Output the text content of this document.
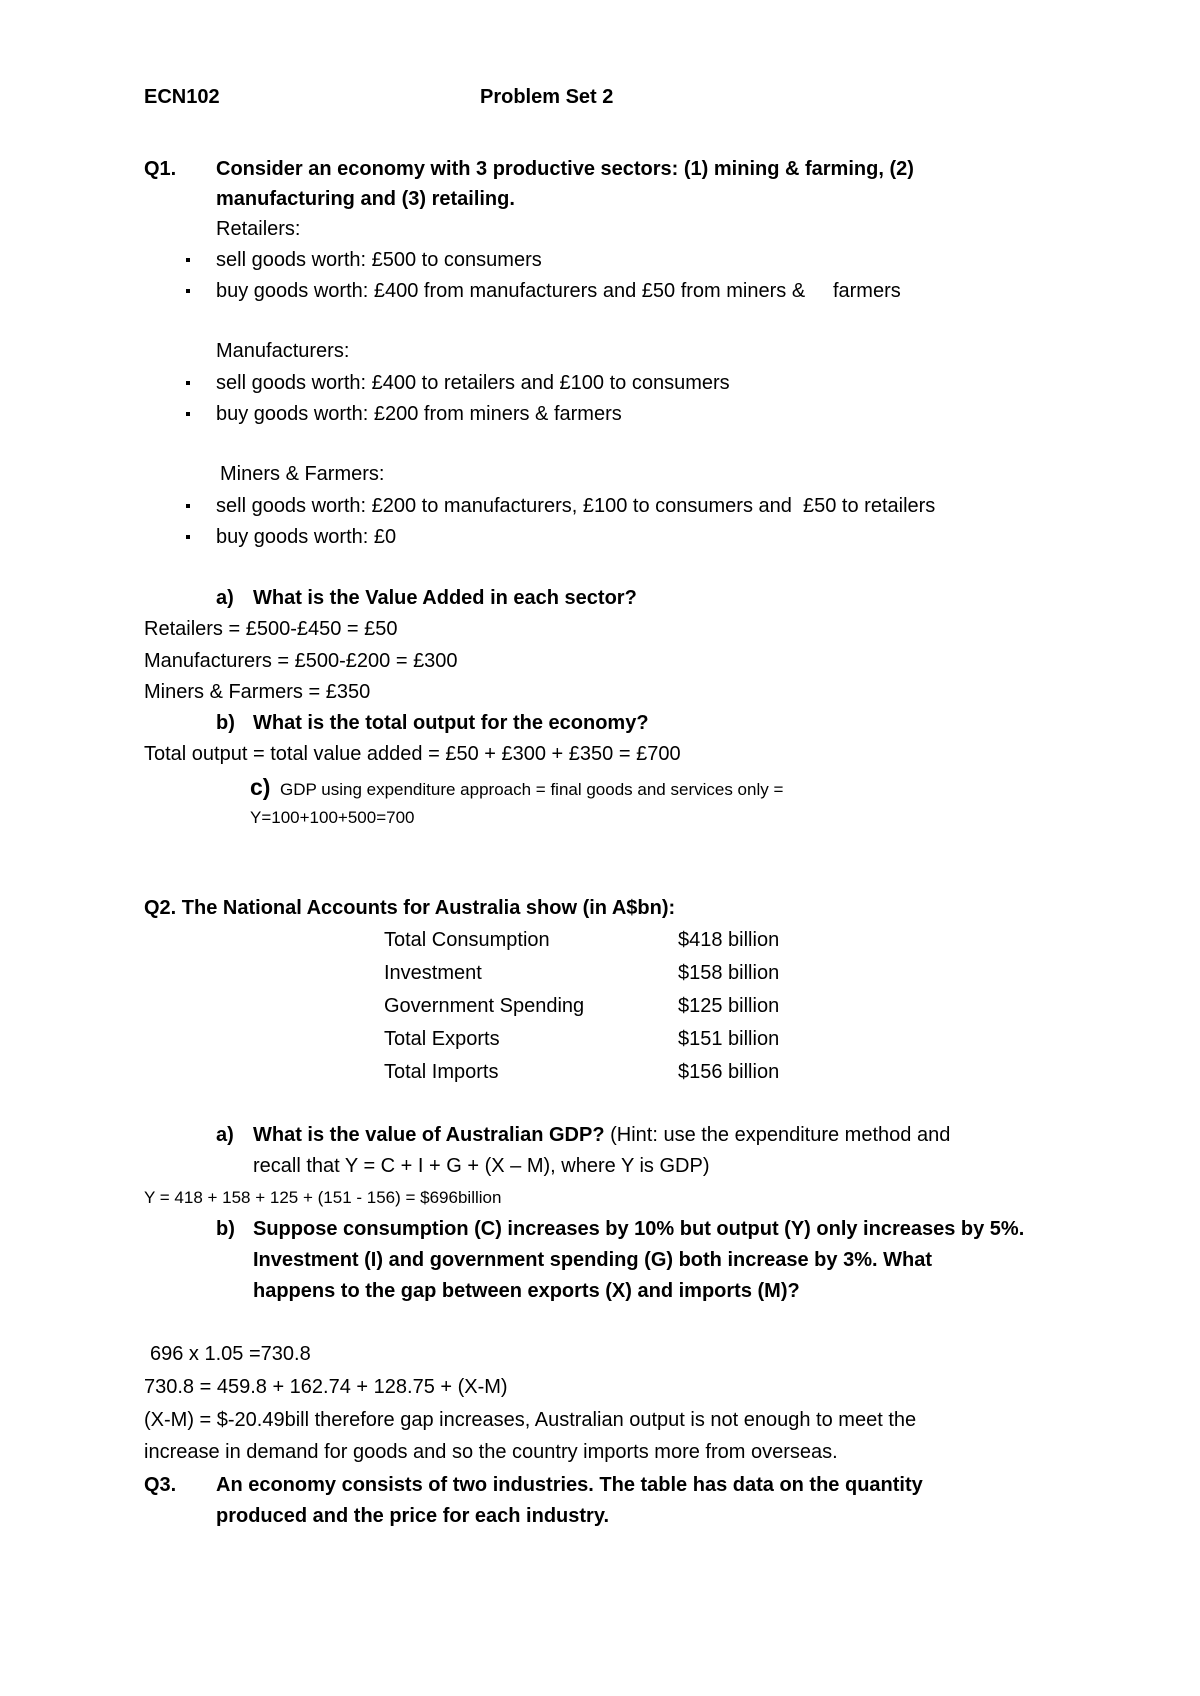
ECN102	Problem Set 2
Q1. Consider an economy with 3 productive sectors: (1) mining & farming, (2)
manufacturing and (3) retailing.
Retailers:
sell goods worth: £500 to consumers
buy goods worth: £400 from manufacturers and £50 from miners &     farmers
Manufacturers:
sell goods worth: £400 to retailers and £100 to consumers
buy goods worth: £200 from miners & farmers
Miners & Farmers:
sell goods worth: £200 to manufacturers, £100 to consumers and  £50 to retailers
buy goods worth: £0
a) What is the Value Added in each sector?
Retailers = £500-£450 = £50
Manufacturers = £500-£200 = £300
Miners & Farmers = £350
b) What is the total output for the economy?
Total output = total value added = £50 + £300 + £350 = £700
c) GDP using expenditure approach = final goods and services only =
Y=100+100+500=700
Q2. The National Accounts for Australia show (in A$bn):
Total Consumption	$418 billion
Investment	$158 billion
Government Spending	$125 billion
Total Exports	$151 billion
Total Imports	$156 billion
a) What is the value of Australian GDP? (Hint: use the expenditure method and
recall that Y = C + I + G + (X – M), where Y is GDP)
Y = 418 + 158 + 125 + (151 - 156) = $696billion
b) Suppose consumption (C) increases by 10% but output (Y) only increases by 5%.
Investment (I) and government spending (G) both increase by 3%. What
happens to the gap between exports (X) and imports (M)?
696 x 1.05 =730.8
730.8 = 459.8 + 162.74 + 128.75 + (X-M)
(X-M) = $-20.49bill therefore gap increases, Australian output is not enough to meet the
increase in demand for goods and so the country imports more from overseas.
Q3. An economy consists of two industries. The table has data on the quantity
produced and the price for each industry.
